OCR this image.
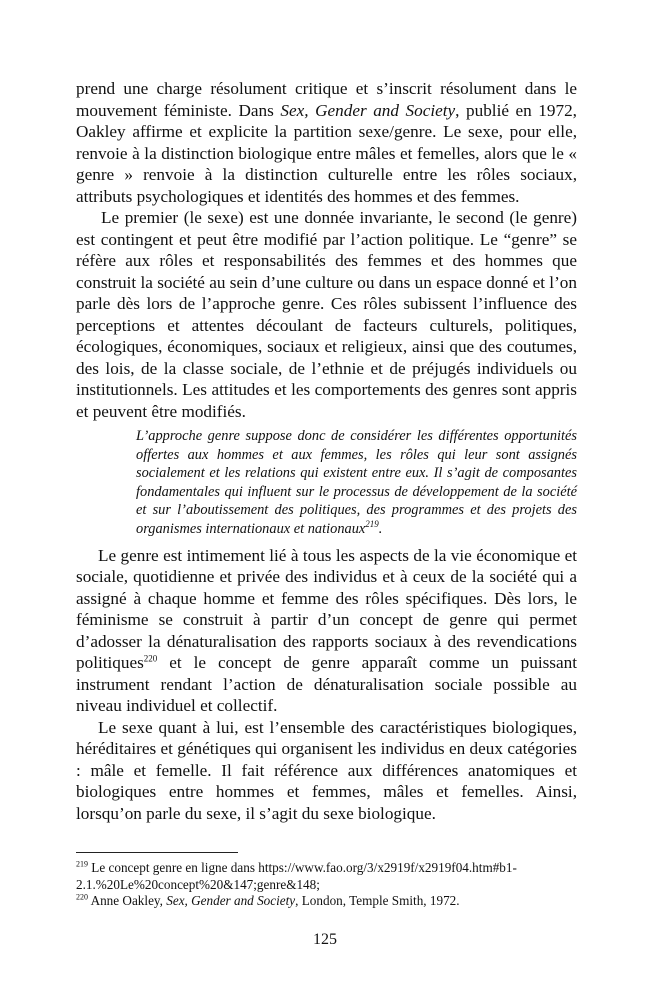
prend une charge résolument critique et s’inscrit résolument dans le mouvement féministe. Dans Sex, Gender and Society, publié en 1972, Oakley affirme et explicite la partition sexe/genre. Le sexe, pour elle, renvoie à la distinction biologique entre mâles et femelles, alors que le « genre » renvoie à la distinction culturelle entre les rôles sociaux, attributs psychologiques et identités des hommes et des femmes.

Le premier (le sexe) est une donnée invariante, le second (le genre) est contingent et peut être modifié par l’action politique. Le “genre” se réfère aux rôles et responsabilités des femmes et des hommes que construit la société au sein d’une culture ou dans un espace donné et l’on parle dès lors de l’approche genre. Ces rôles subissent l’influence des perceptions et attentes découlant de facteurs culturels, politiques, écologiques, économiques, sociaux et religieux, ainsi que des coutumes, des lois, de la classe sociale, de l’ethnie et de préjugés individuels ou institutionnels. Les attitudes et les comportements des genres sont appris et peuvent être modifiés.

L’approche genre suppose donc de considérer les différentes opportunités offertes aux hommes et aux femmes, les rôles qui leur sont assignés socialement et les relations qui existent entre eux. Il s’agit de composantes fondamentales qui influent sur le processus de développement de la société et sur l’aboutissement des politiques, des programmes et des projets des organismes internationaux et nationaux$^{219}$.

Le genre est intimement lié à tous les aspects de la vie économique et sociale, quotidienne et privée des individus et à ceux de la société qui a assigné à chaque homme et femme des rôles spécifiques. Dès lors, le féminisme se construit à partir d’un concept de genre qui permet d’adosser la dénaturalisation des rapports sociaux à des revendications politiques$^{220}$ et le concept de genre apparaît comme un puissant instrument rendant l’action de dénaturalisation sociale possible au niveau individuel et collectif.

Le sexe quant à lui, est l’ensemble des caractéristiques biologiques, héréditaires et génétiques qui organisent les individus en deux catégories : mâle et femelle. Il fait référence aux différences anatomiques et biologiques entre hommes et femmes, mâles et femelles. Ainsi, lorsqu’on parle du sexe, il s’agit du sexe biologique.

$^{219}$ Le concept genre en ligne dans https://www.fao.org/3/x2919f/x2919f04.htm#b1-2.1.%20Le%20concept%20&147;genre&148;

$^{220}$ Anne Oakley, Sex, Gender and Society, London, Temple Smith, 1972.

125
